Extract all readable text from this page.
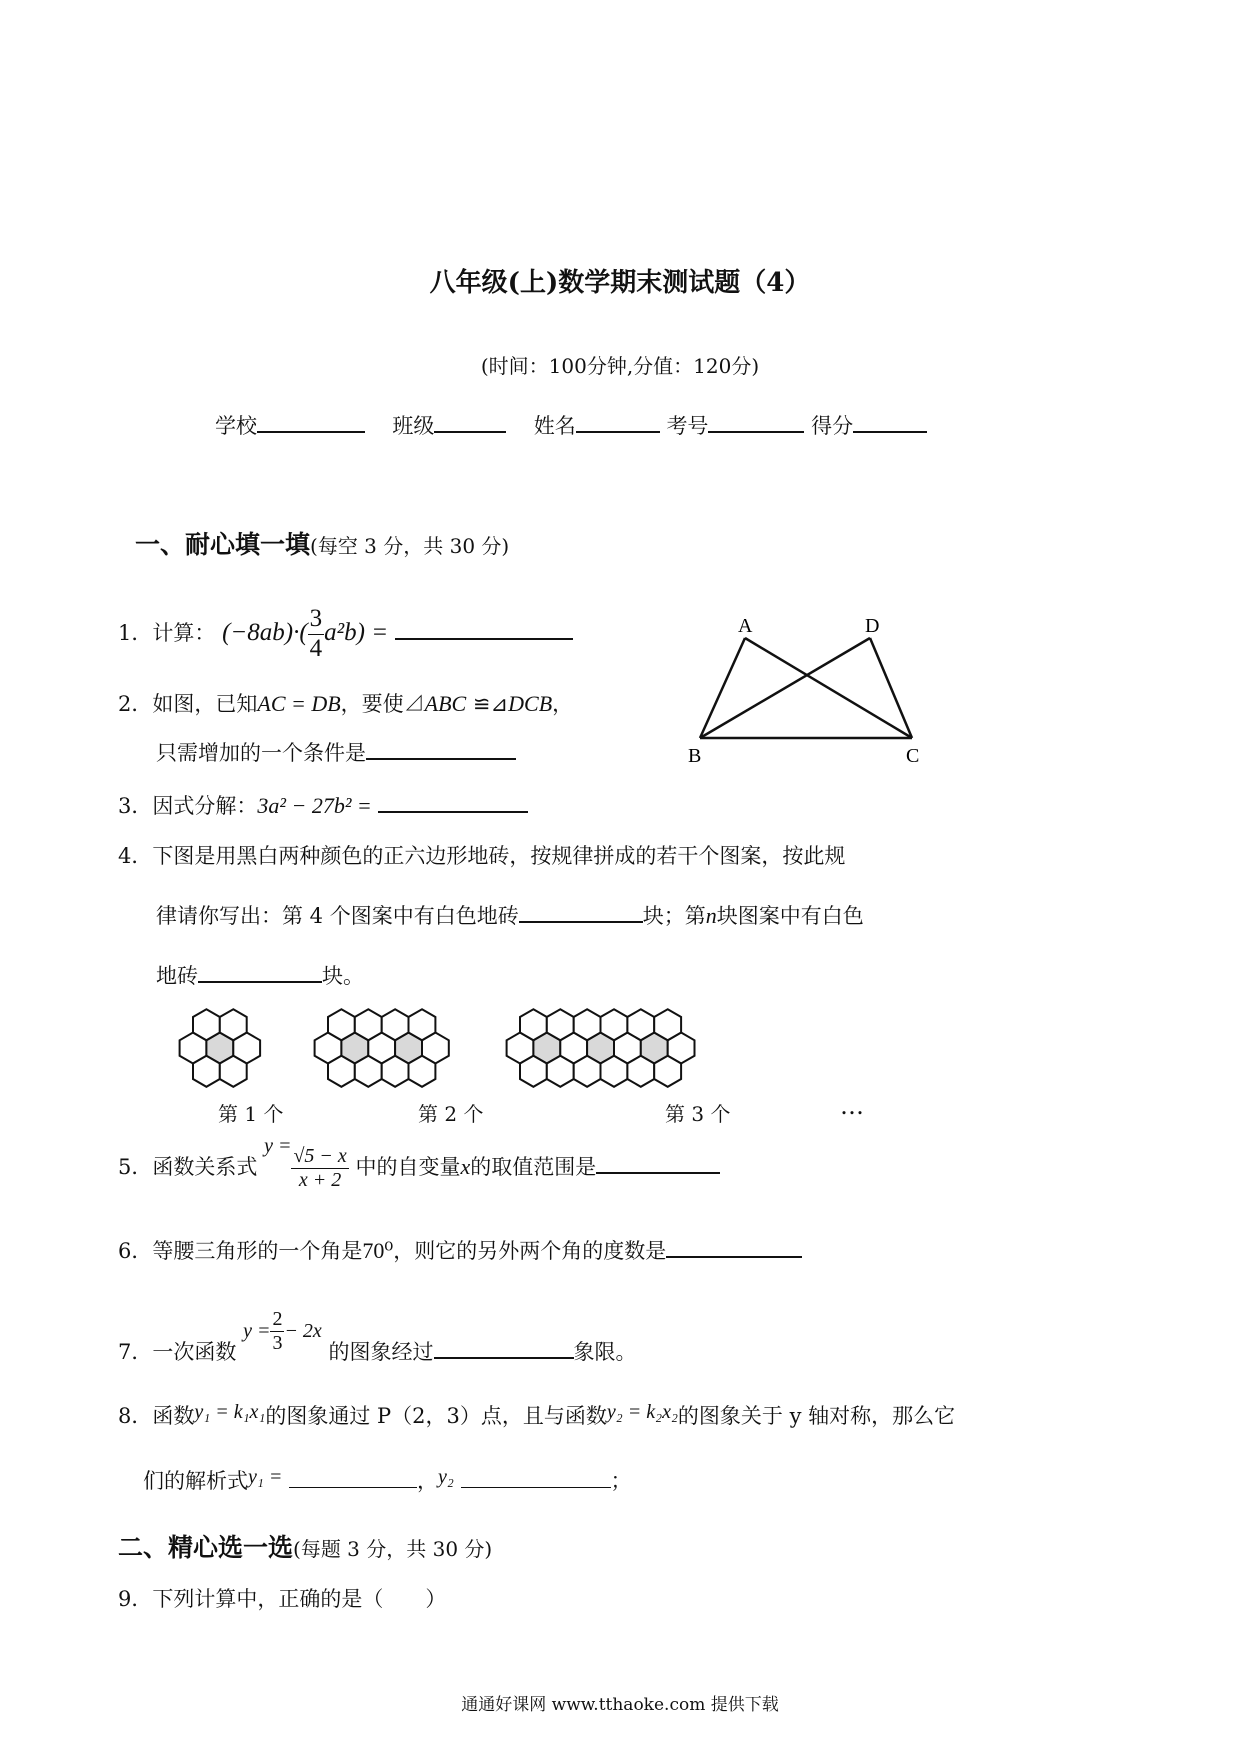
八年级(上)数学期末测试题（4）
(时间：100分钟,分值：120分)
学校	班级	姓名	考号	得分
一、耐心填一填(每空 3 分，共 30 分)
1．计算： $(-8ab)\cdot( \frac{3}{4} a^2b)$ =
2．如图，已知AC = DB，要使⊿ABC ≌⊿DCB，
只需增加的一个条件是
A	D
B	C
3．因式分解：3a² − 27b² =
4．下图是用黑白两种颜色的正六边形地砖，按规律拼成的若干个图案，按此规
律请你写出：第 4 个图案中有白色地砖	块；第n块图案中有白色
地砖	块。
第 1 个	第 2 个	第 3 个	…
5．函数关系式 $y = \frac{√5 - x}{x + 2}$ 中的自变量x的取值范围是
6．等腰三角形的一个角是70⁰，则它的另外两个角的度数是
7．一次函数 $y = \frac{2}{3} - 2x$ 的图象经过	象限。
8．函数y₁ = k₁x₁的图象通过 P（2，3）点，且与函数y₂ = k₂x₂的图象关于 y 轴对称，那么它
们的解析式y₁ =	，y₂	；
二、精心选一选(每题 3 分，共 30 分)
9．下列计算中，正确的是（　　）
通通好课网 www.tthaoke.com 提供下载
